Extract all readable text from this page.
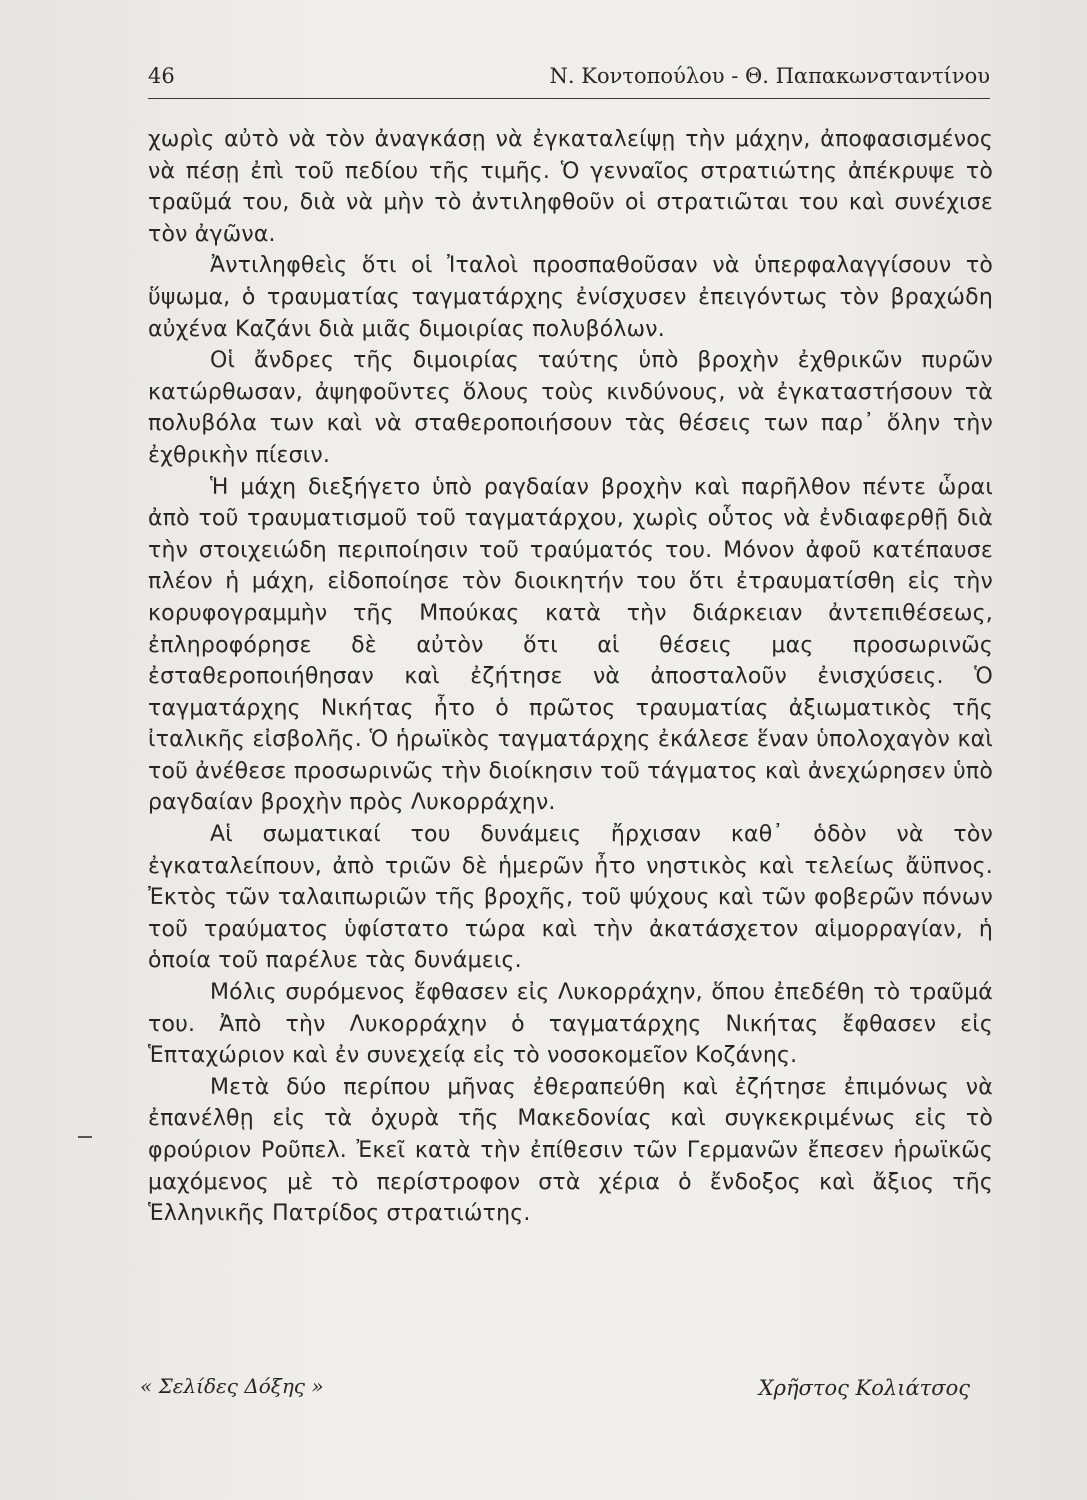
46	Ν. Κοντοπούλου - Θ. Παπακωνσταντίνου

χωρὶς αὐτὸ νὰ τὸν ἀναγκάσῃ νὰ ἐγκαταλείψῃ τὴν μάχην, ἀποφασισμένος νὰ πέσῃ ἐπὶ τοῦ πεδίου τῆς τιμῆς. Ὁ γενναῖος στρατιώτης ἀπέκρυψε τὸ τραῦμά του, διὰ νὰ μὴν τὸ ἀντιληφθοῦν οἱ στρατιῶται του καὶ συνέχισε τὸν ἀγῶνα.

Ἀντιληφθεὶς ὅτι οἱ Ἰταλοὶ προσπαθοῦσαν νὰ ὑπερφαλαγγίσουν τὸ ὕψωμα, ὁ τραυματίας ταγματάρχης ἐνίσχυσεν ἐπειγόντως τὸν βραχώδη αὐχένα Καζάνι διὰ μιᾶς διμοιρίας πολυβόλων.

Οἱ ἄνδρες τῆς διμοιρίας ταύτης ὑπὸ βροχὴν ἐχθρικῶν πυρῶν κατώρθωσαν, ἀψηφοῦντες ὅλους τοὺς κινδύνους, νὰ ἐγκαταστήσουν τὰ πολυβόλα των καὶ νὰ σταθεροποιήσουν τὰς θέσεις των παρ᾽ ὅλην τὴν ἐχθρικὴν πίεσιν.

Ἡ μάχη διεξήγετο ὑπὸ ραγδαίαν βροχὴν καὶ παρῆλθον πέντε ὧραι ἀπὸ τοῦ τραυματισμοῦ τοῦ ταγματάρχου, χωρὶς οὗτος νὰ ἐνδιαφερθῇ διὰ τὴν στοιχειώδη περιποίησιν τοῦ τραύματός του. Μόνον ἀφοῦ κατέπαυσε πλέον ἡ μάχη, εἰδοποίησε τὸν διοικητήν του ὅτι ἐτραυματίσθη εἰς τὴν κορυφογραμμὴν τῆς Μπούκας κατὰ τὴν διάρκειαν ἀντεπιθέσεως, ἐπληροφόρησε δὲ αὐτὸν ὅτι αἱ θέσεις μας προσωρινῶς ἐσταθεροποιήθησαν καὶ ἐζήτησε νὰ ἀποσταλοῦν ἐνισχύσεις. Ὁ ταγματάρχης Νικήτας ἦτο ὁ πρῶτος τραυματίας ἀξιωματικὸς τῆς ἰταλικῆς εἰσβολῆς. Ὁ ἡρωϊκὸς ταγματάρχης ἐκάλεσε ἕναν ὑπολοχαγὸν καὶ τοῦ ἀνέθεσε προσωρινῶς τὴν διοίκησιν τοῦ τάγματος καὶ ἀνεχώρησεν ὑπὸ ραγδαίαν βροχὴν πρὸς Λυκορράχην.

Αἱ σωματικαί του δυνάμεις ἤρχισαν καθ᾽ ὁδὸν νὰ τὸν ἐγκαταλείπουν, ἀπὸ τριῶν δὲ ἡμερῶν ἦτο νηστικὸς καὶ τελείως ἄϋπνος. Ἐκτὸς τῶν ταλαιπωριῶν τῆς βροχῆς, τοῦ ψύχους καὶ τῶν φοβερῶν πόνων τοῦ τραύματος ὑφίστατο τώρα καὶ τὴν ἀκατάσχετον αἱμορραγίαν, ἡ ὁποία τοῦ παρέλυε τὰς δυνάμεις.

Μόλις συρόμενος ἔφθασεν εἰς Λυκορράχην, ὅπου ἐπεδέθη τὸ τραῦμά του. Ἀπὸ τὴν Λυκορράχην ὁ ταγματάρχης Νικήτας ἔφθασεν εἰς Ἑπταχώριον καὶ ἐν συνεχείᾳ εἰς τὸ νοσοκομεῖον Κοζάνης.

Μετὰ δύο περίπου μῆνας ἐθεραπεύθη καὶ ἐζήτησε ἐπιμόνως νὰ ἐπανέλθῃ εἰς τὰ ὀχυρὰ τῆς Μακεδονίας καὶ συγκεκριμένως εἰς τὸ φρούριον Ροῦπελ. Ἐκεῖ κατὰ τὴν ἐπίθεσιν τῶν Γερμανῶν ἔπεσεν ἡρωϊκῶς μαχόμενος μὲ τὸ περίστροφον στὰ χέρια ὁ ἔνδοξος καὶ ἄξιος τῆς Ἑλληνικῆς Πατρίδος στρατιώτης.

« Σελίδες Δόξης »	Χρῆστος Κολιάτσος
